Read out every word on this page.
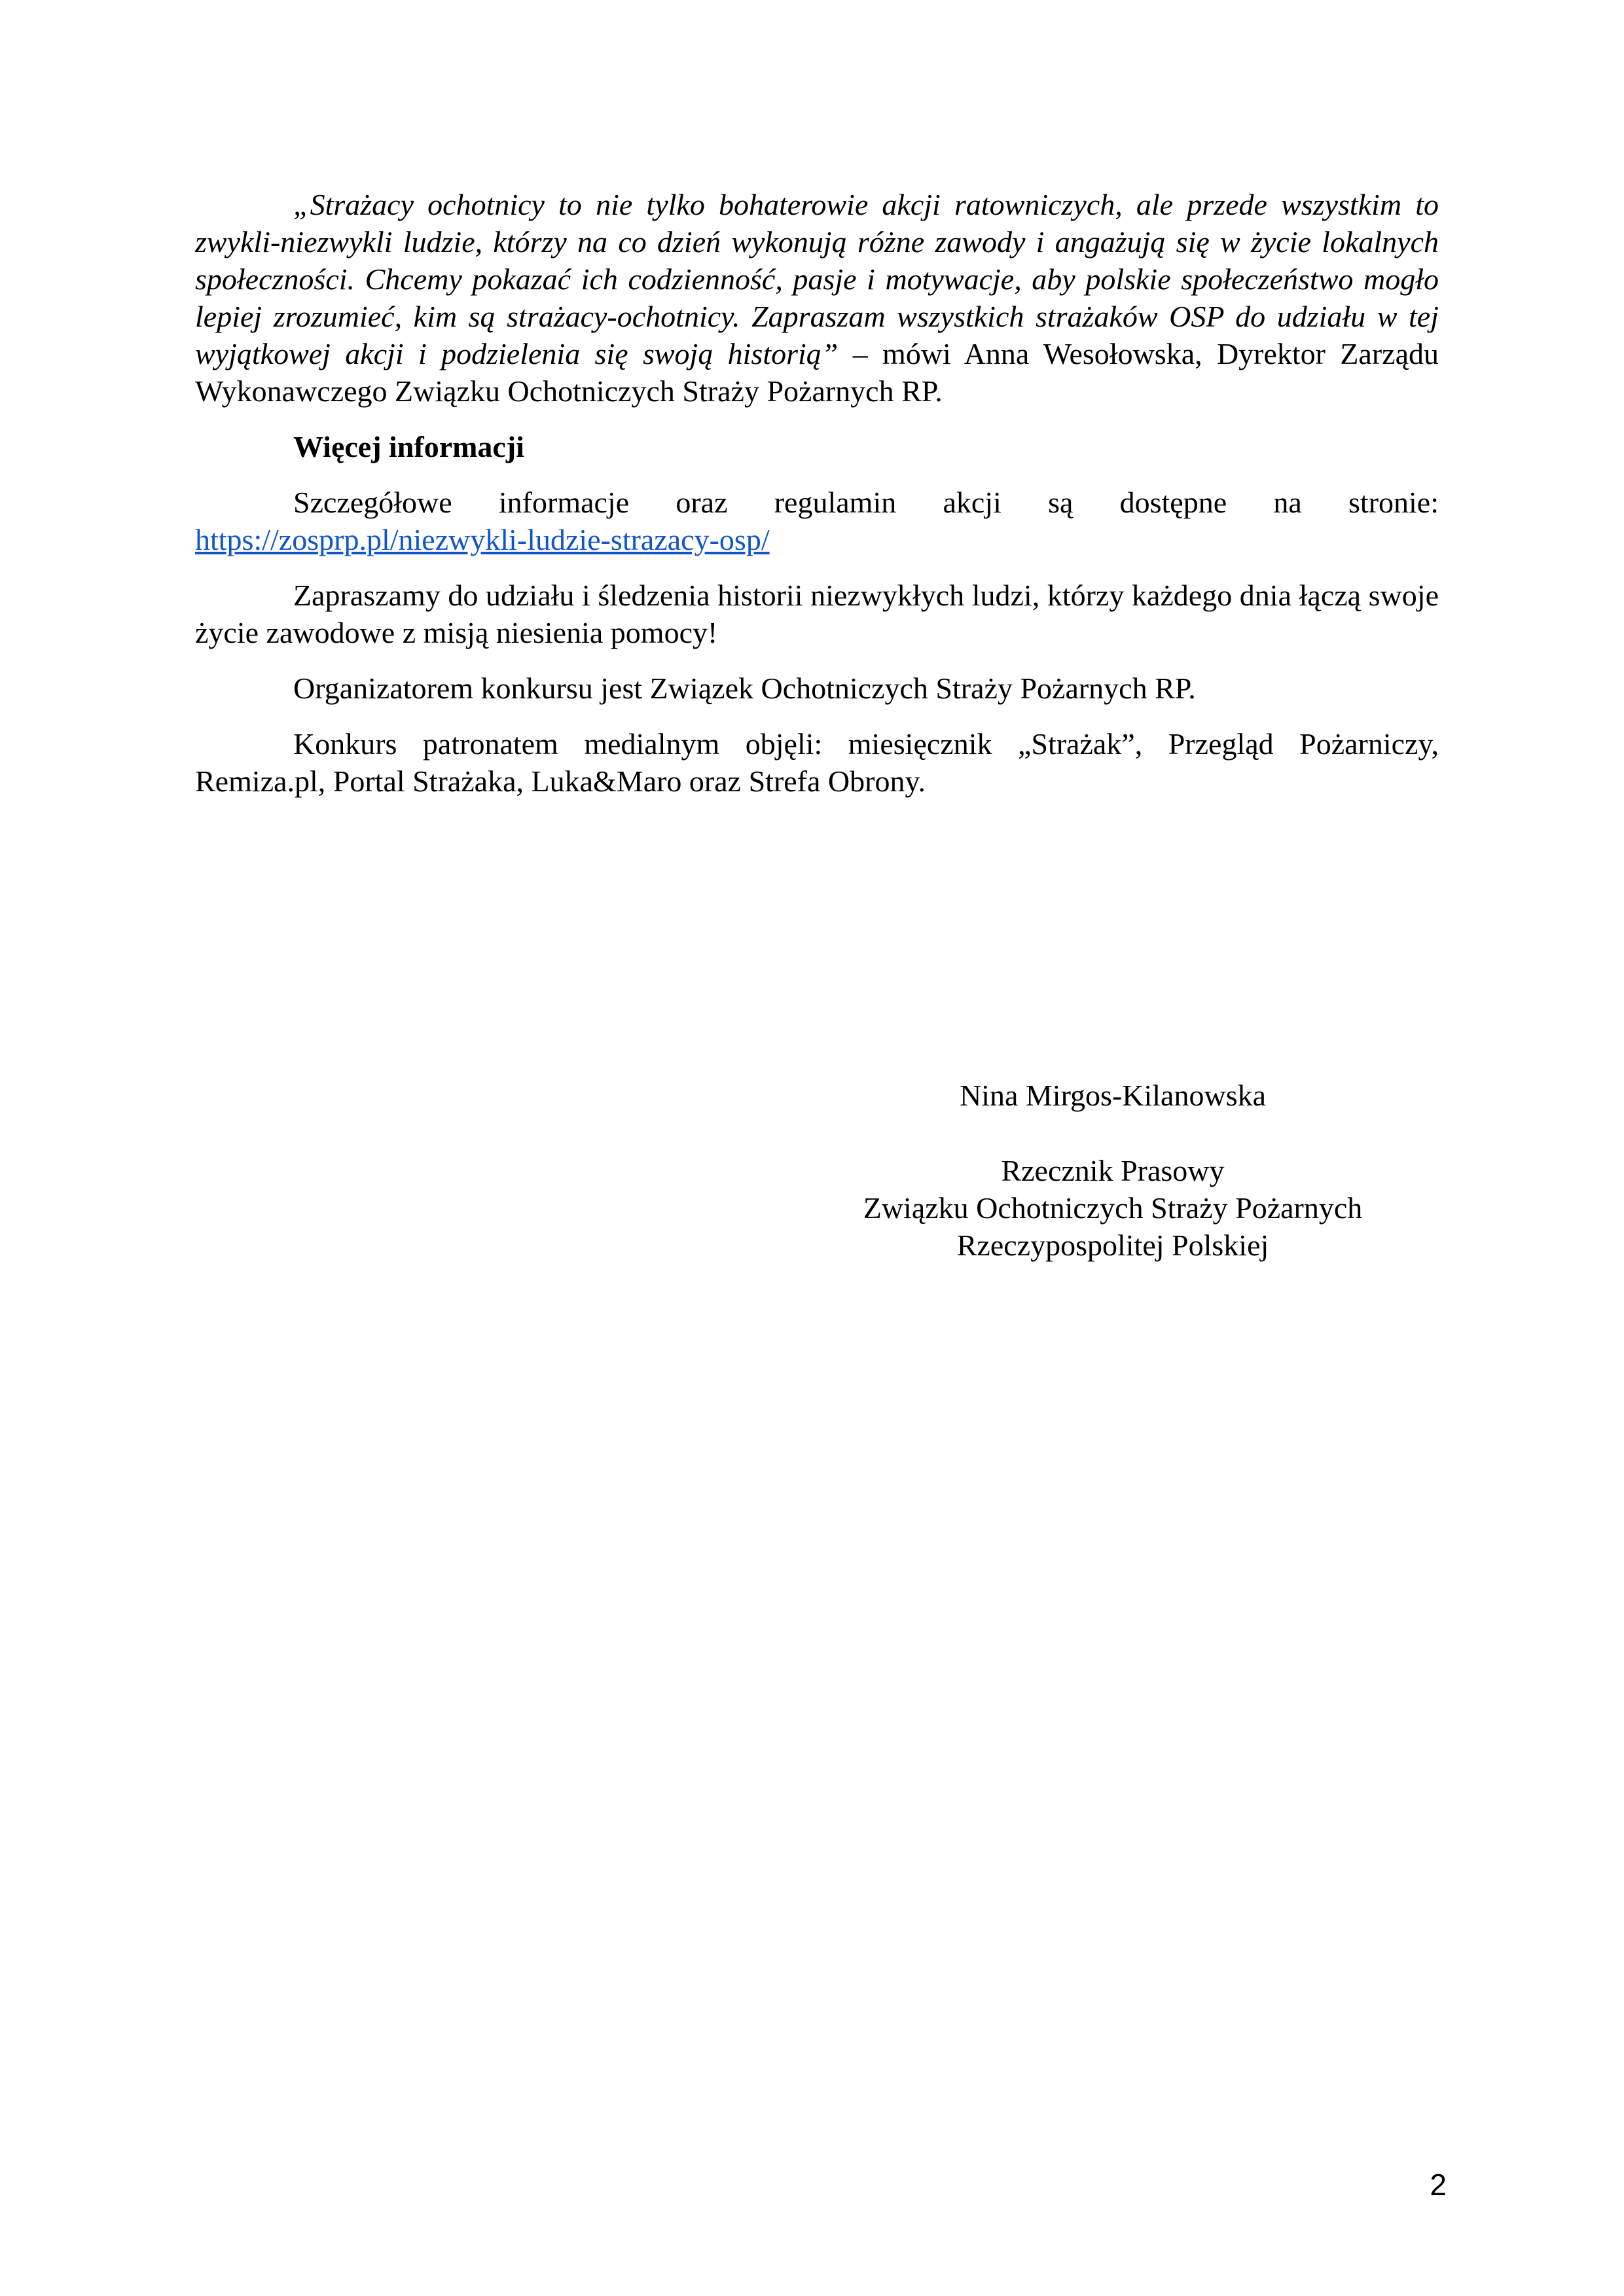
„Strażacy ochotnicy to nie tylko bohaterowie akcji ratowniczych, ale przede wszystkim to zwykli-niezwykli ludzie, którzy na co dzień wykonują różne zawody i angażują się w życie lokalnych społeczności. Chcemy pokazać ich codzienność, pasje i motywacje, aby polskie społeczeństwo mogło lepiej zrozumieć, kim są strażacy-ochotnicy. Zapraszam wszystkich strażaków OSP do udziału w tej wyjątkowej akcji i podzielenia się swoją historią” – mówi Anna Wesołowska, Dyrektor Zarządu Wykonawczego Związku Ochotniczych Straży Pożarnych RP.

Więcej informacji

Szczegółowe informacje oraz regulamin akcji są dostępne na stronie:
https://zosprp.pl/niezwykli-ludzie-strazacy-osp/

Zapraszamy do udziału i śledzenia historii niezwykłych ludzi, którzy każdego dnia łączą swoje życie zawodowe z misją niesienia pomocy!

Organizatorem konkursu jest Związek Ochotniczych Straży Pożarnych RP.

Konkurs patronatem medialnym objęli: miesięcznik „Strażak”, Przegląd Pożarniczy, Remiza.pl, Portal Strażaka, Luka&Maro oraz Strefa Obrony.

Nina Mirgos-Kilanowska
Rzecznik Prasowy
Związku Ochotniczych Straży Pożarnych
Rzeczypospolitej Polskiej
2
